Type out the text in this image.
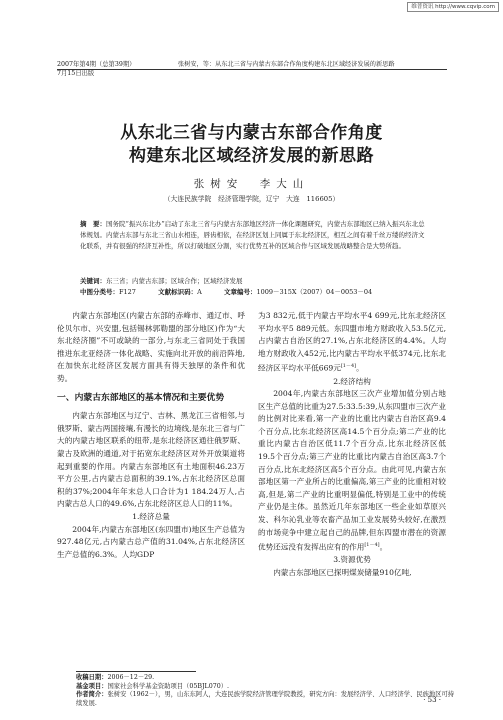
维普资讯 http://www.cqvip.com
2007年第4期（总第39期）
7月15日出版
张树安，等：从东北三省与内蒙古东部合作角度构建东北区域经济发展的新思路
从东北三省与内蒙古东部合作角度
构建东北区域经济发展的新思路
张树安　李大山
（大连民族学院　经济管理学院，辽宁　大连　116605）

摘　要：国务院“振兴东北办”启动了东北三省与内蒙古东部地区经济一体化课题研究，内蒙古东部地区已纳入振兴东北总体规划。内蒙古东部与东北三省山水相连，唇齿相依，在经济区划上同属于东北经济区，相互之间有着千丝万缕的经济文化联系，并有很强的经济互补性，所以打破地区分割，实行优势互补的区域合作与区域发展战略整合是大势所趋。

关键词：东三省；内蒙古东部；区域合作；区域经济发展
中图分类号：F127	文献标识码：A	文章编号：1009－315X（2007）04－0053－04

内蒙古东部地区(内蒙古东部的赤峰市、通辽市、呼伦贝尔市、兴安盟,包括锡林郭勒盟的部分地区)作为“大东北经济圈”不可或缺的一部分,与东北三省同处于我国推进东北亚经济一体化战略、实施向北开放的前沿阵地,在加快东北经济区发展方面具有得天独厚的条件和优势。

一、内蒙古东部地区的基本情况和主要优势

内蒙古东部地区与辽宁、吉林、黑龙江三省相邻,与俄罗斯、蒙古两国接壤,有漫长的边境线,是东北三省与广大的内蒙古地区联系的纽带,是东北经济区通往俄罗斯、蒙古及欧洲的通道,对于拓宽东北经济区对外开放渠道将起到重要的作用。内蒙古东部地区有土地面积46.23万平方公里,占内蒙古总面积的39.1%,占东北经济区总面积的37%;2004年年末总人口合计为1 184.24万人,占内蒙古总人口的49.6%,占东北经济区总人口的11%。

1.经济总量

2004年,内蒙古东部地区(东四盟市)地区生产总值为927.48亿元,占内蒙古总产值的31.04%,占东北经济区生产总值的6.3%。人均GDP

为3 832元,低于内蒙古平均水平4 699元,比东北经济区平均水平5 889元低。东四盟市地方财政收入53.5亿元,占内蒙古自治区的27.1%,占东北经济区的4.4%。人均地方财政收入452元,比内蒙古平均水平低374元,比东北经济区平均水平低669元[1－4]。

2.经济结构

2004年,内蒙古东部地区三次产业增加值分别占地区生产总值的比重为27.5:33.5:39,从东四盟市三次产业的比例对比来看,第一产业的比重比内蒙古自治区高9.4个百分点,比东北经济区高14.5个百分点;第二产业的比重比内蒙古自治区低11.7个百分点,比东北经济区低19.5个百分点;第三产业的比重比内蒙古自治区高3.7个百分点,比东北经济区高5个百分点。由此可见,内蒙古东部地区第一产业所占的比重偏高,第三产业的比重相对较高,但是,第二产业的比重明显偏低,特别是工业中的传统产业仍是主体。虽然近几年东部地区一些企业如草原兴发、科尔沁乳业等农畜产品加工业发展势头较好,在激烈的市场竞争中建立起自己的品牌,但东四盟市潜在的资源优势还远没有发挥出应有的作用[1－4]。

3.资源优势

内蒙古东部地区已探明煤炭储量910亿吨,

收稿日期：2006－12－29.

基金项目：国家社会科学基金资助项目（05BJL070）.

作者简介：张树安（1962－），男，山东东阿人，大连民族学院经济管理学院教授，研究方向：发展经济学、人口经济学、民族地区可持续发展.	· 53 ·
